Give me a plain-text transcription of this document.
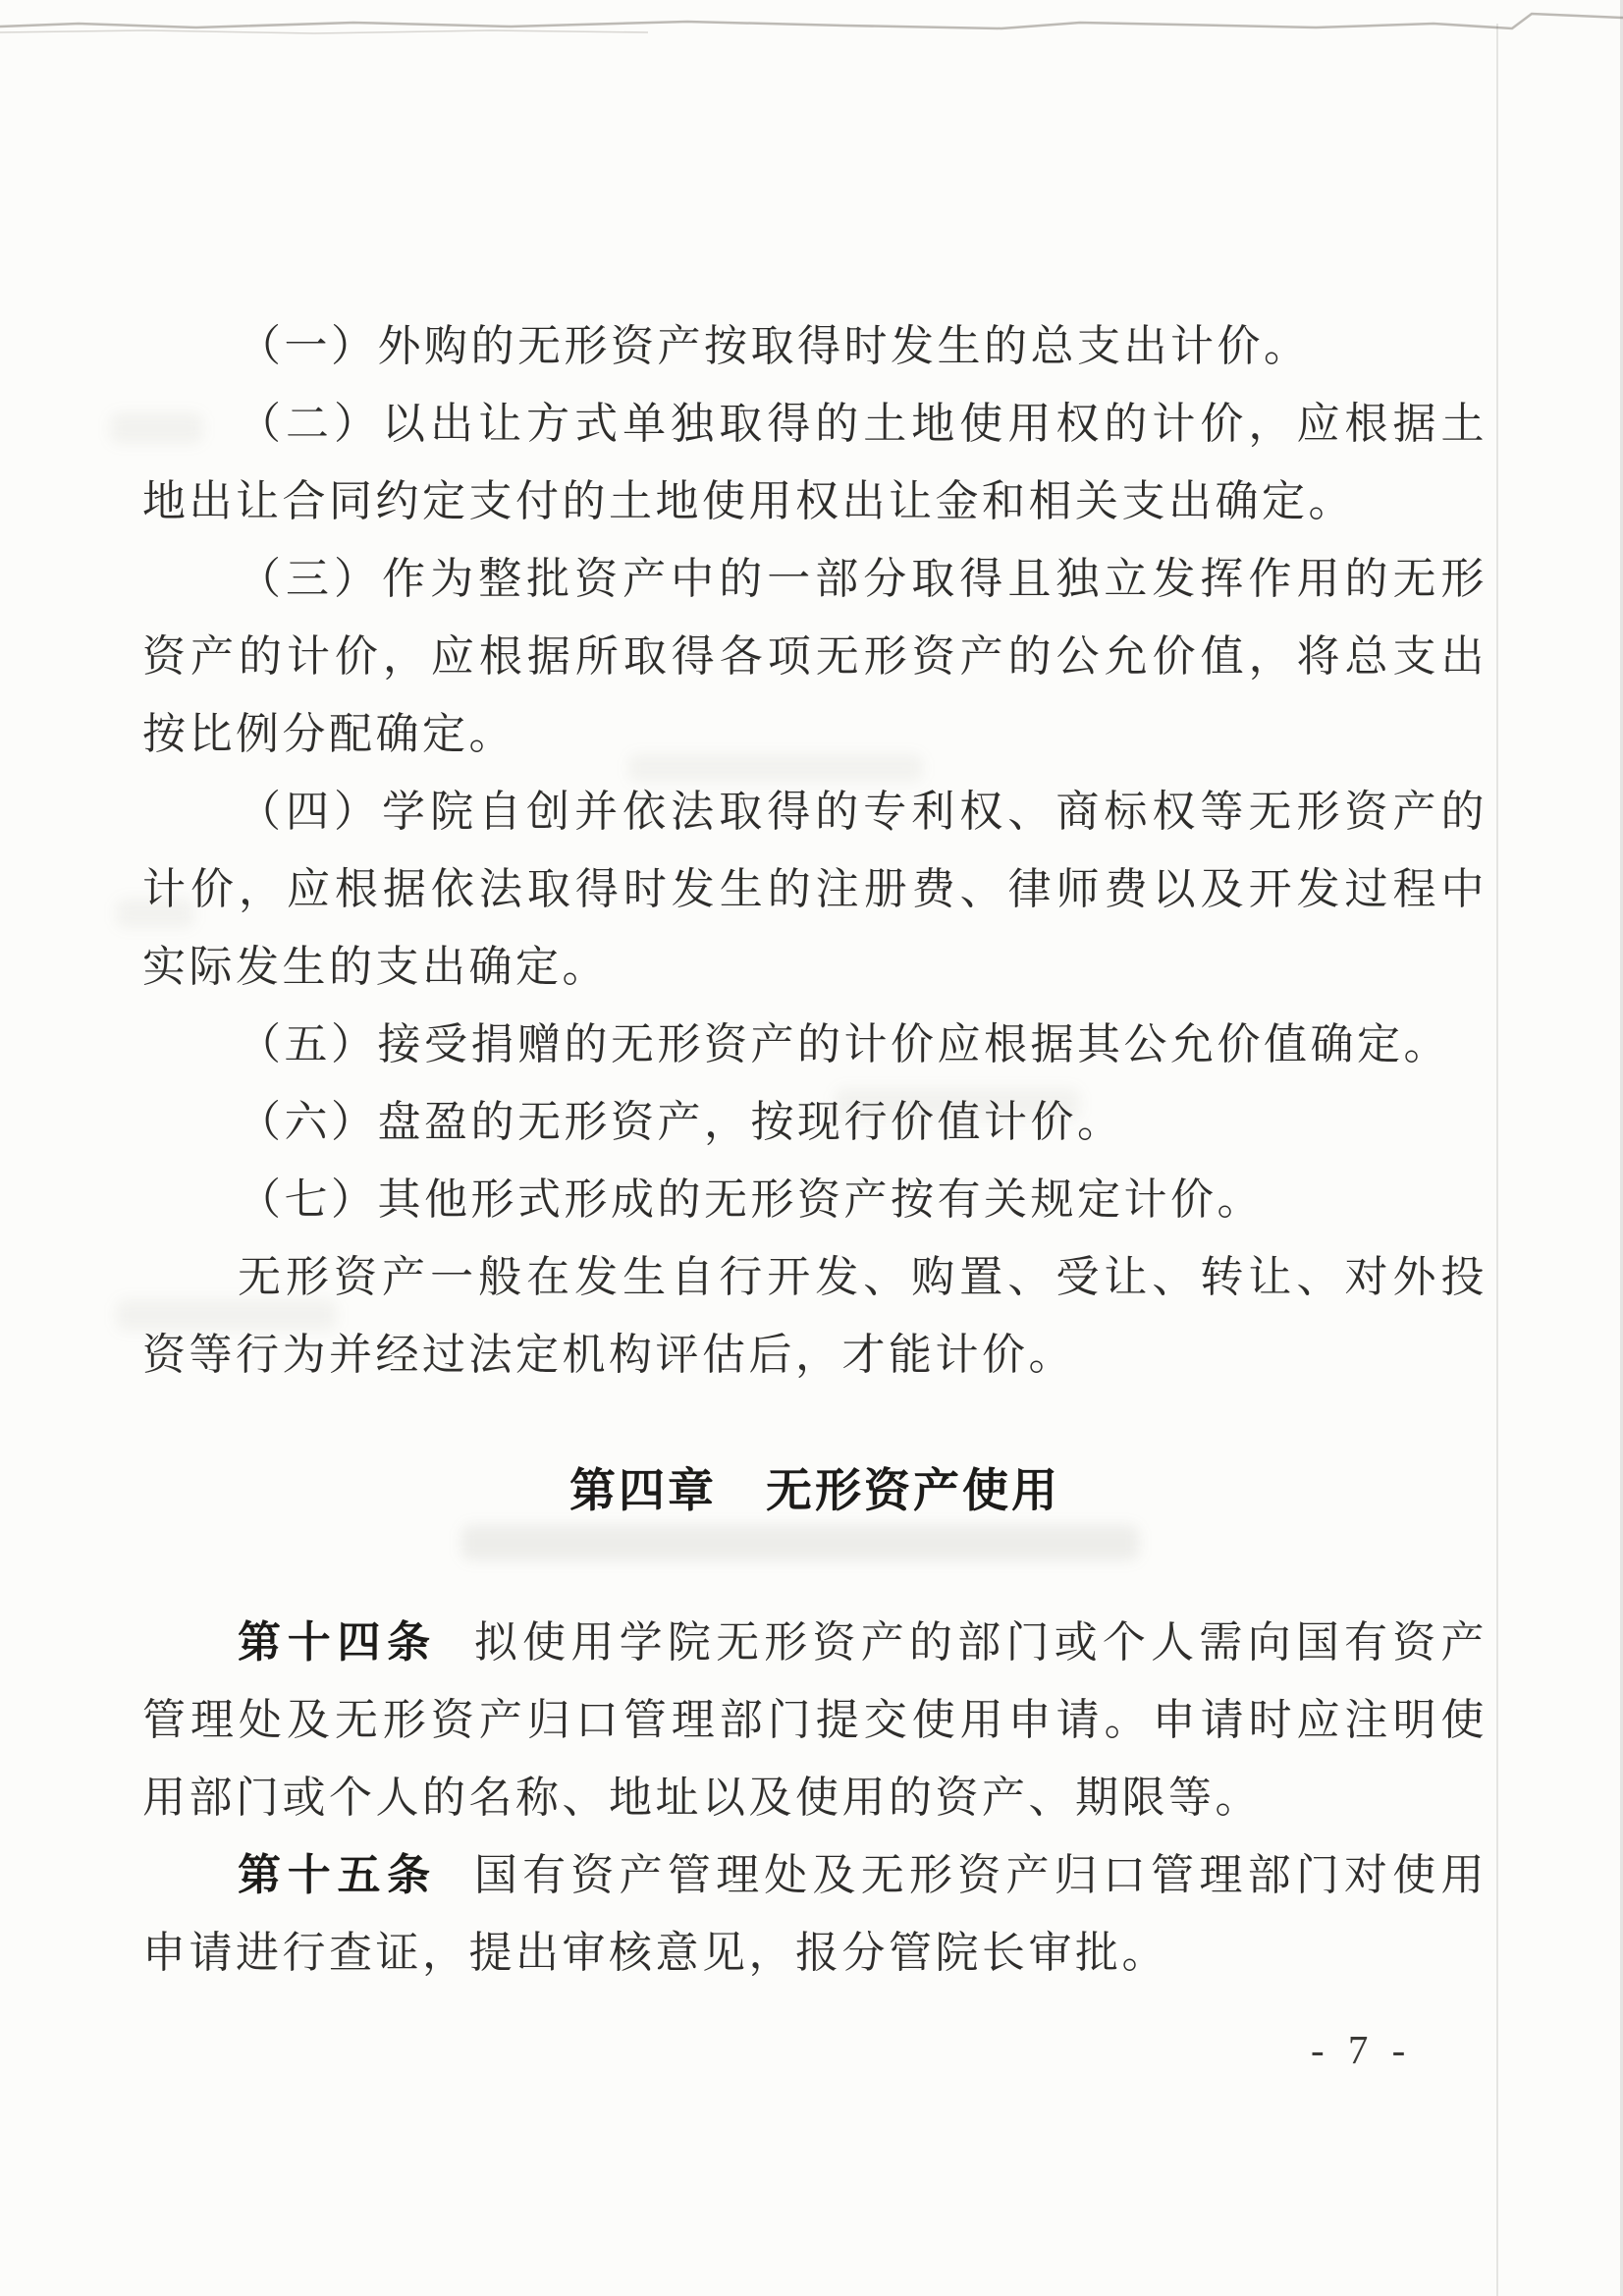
（一）外购的无形资产按取得时发生的总支出计价。

（二）以出让方式单独取得的土地使用权的计价，应根据土地出让合同约定支付的土地使用权出让金和相关支出确定。

（三）作为整批资产中的一部分取得且独立发挥作用的无形资产的计价，应根据所取得各项无形资产的公允价值，将总支出按比例分配确定。

（四）学院自创并依法取得的专利权、商标权等无形资产的计价，应根据依法取得时发生的注册费、律师费以及开发过程中实际发生的支出确定。

（五）接受捐赠的无形资产的计价应根据其公允价值确定。

（六）盘盈的无形资产，按现行价值计价。

（七）其他形式形成的无形资产按有关规定计价。

无形资产一般在发生自行开发、购置、受让、转让、对外投资等行为并经过法定机构评估后，才能计价。

第四章　无形资产使用

第十四条 拟使用学院无形资产的部门或个人需向国有资产管理处及无形资产归口管理部门提交使用申请。申请时应注明使用部门或个人的名称、地址以及使用的资产、期限等。

第十五条 国有资产管理处及无形资产归口管理部门对使用申请进行查证，提出审核意见，报分管院长审批。

- 7 -
